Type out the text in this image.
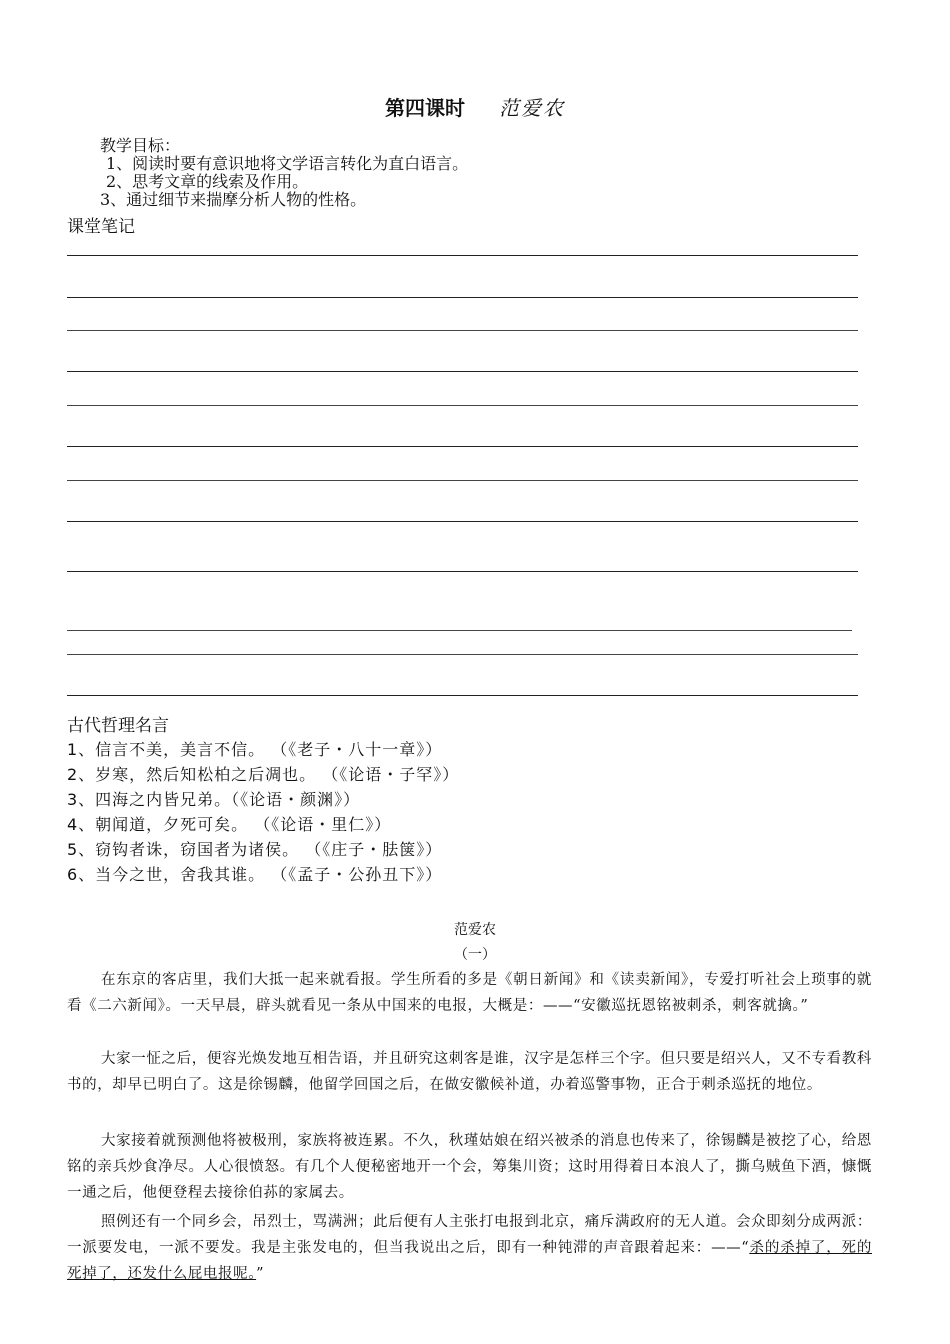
第四课时 范爱农
教学目标：
1、阅读时要有意识地将文学语言转化为直白语言。
2、思考文章的线索及作用。
3、通过细节来揣摩分析人物的性格。
课堂笔记
古代哲理名言
1、信言不美，美言不信。 （《老子・八十一章》）
2、岁寒，然后知松柏之后凋也。 （《论语・子罕》）
3、四海之内皆兄弟。（《论语・颜渊》）
4、朝闻道，夕死可矣。 （《论语・里仁》）
5、窃钩者诛，窃国者为诸侯。 （《庄子・胠箧》）
6、当今之世，舍我其谁。 （《孟子・公孙丑下》）
范爱农
（一）
在东京的客店里，我们大抵一起来就看报。学生所看的多是《朝日新闻》和《读卖新闻》，专爱打听社会上琐事的就看《二六新闻》。一天早晨，辟头就看见一条从中国来的电报，大概是：——“安徽巡抚恩铭被刺杀，刺客就擒。”
大家一怔之后，便容光焕发地互相告语，并且研究这刺客是谁，汉字是怎样三个字。但只要是绍兴人，又不专看教科书的，却早已明白了。这是徐锡麟，他留学回国之后，在做安徽候补道，办着巡警事物，正合于刺杀巡抚的地位。
大家接着就预测他将被极刑，家族将被连累。不久，秋瑾姑娘在绍兴被杀的消息也传来了，徐锡麟是被挖了心，给恩铭的亲兵炒食净尽。人心很愤怒。有几个人便秘密地开一个会，筹集川资；这时用得着日本浪人了，撕乌贼鱼下酒，慷慨一通之后，他便登程去接徐伯荪的家属去。
照例还有一个同乡会，吊烈士，骂满洲；此后便有人主张打电报到北京，痛斥满政府的无人道。会众即刻分成两派：一派要发电，一派不要发。我是主张发电的，但当我说出之后，即有一种钝滞的声音跟着起来：——“杀的杀掉了，死的死掉了，还发什么屁电报呢。”
